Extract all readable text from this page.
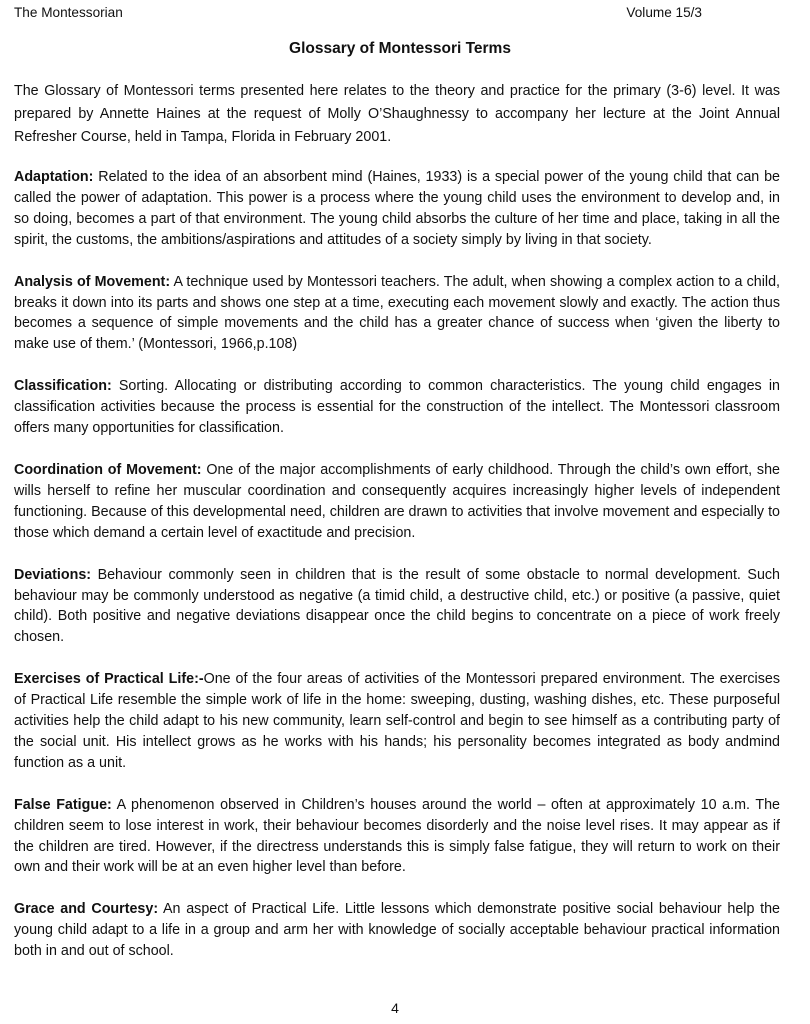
The Montessorian	Volume 15/3
Glossary of Montessori Terms

The Glossary of Montessori terms presented here relates to the theory and practice for the primary (3-6) level. It was prepared by Annette Haines at the request of Molly O’Shaughnessy to accompany her lecture at the Joint Annual Refresher Course, held in Tampa, Florida in February 2001.

Adaptation: Related to the idea of an absorbent mind (Haines, 1933) is a special power of the young child that can be called the power of adaptation. This power is a process where the young child uses the environment to develop and, in so doing, becomes a part of that environment. The young child absorbs the culture of her time and place, taking in all the spirit, the customs, the ambitions/aspirations and attitudes of a society simply by living in that society.

Analysis of Movement: A technique used by Montessori teachers. The adult, when showing a complex action to a child, breaks it down into its parts and shows one step at a time, executing each movement slowly and exactly. The action thus becomes a sequence of simple movements and the child has a greater chance of success when ‘given the liberty to make use of them.’ (Montessori, 1966,p.108)

Classification: Sorting. Allocating or distributing according to common characteristics. The young child engages in classification activities because the process is essential for the construction of the intellect. The Montessori classroom offers many opportunities for classification.

Coordination of Movement: One of the major accomplishments of early childhood. Through the child’s own effort, she wills herself to refine her muscular coordination and consequently acquires increasingly higher levels of independent functioning. Because of this developmental need, children are drawn to activities that involve movement and especially to those which demand a certain level of exactitude and precision.

Deviations: Behaviour commonly seen in children that is the result of some obstacle to normal development. Such behaviour may be commonly understood as negative (a timid child, a destructive child, etc.) or positive (a passive, quiet child). Both positive and negative deviations disappear once the child begins to concentrate on a piece of work freely chosen.

Exercises of Practical Life:-One of the four areas of activities of the Montessori prepared environment. The exercises of Practical Life resemble the simple work of life in the home: sweeping, dusting, washing dishes, etc. These purposeful activities help the child adapt to his new community, learn self-control and begin to see himself as a contributing party of the social unit. His intellect grows as he works with his hands; his personality becomes integrated as body andmind function as a unit.

False Fatigue: A phenomenon observed in Children’s houses around the world – often at approximately 10 a.m. The children seem to lose interest in work, their behaviour becomes disorderly and the noise level rises. It may appear as if the children are tired. However, if the directress understands this is simply false fatigue, they will return to work on their own and their work will be at an even higher level than before.

Grace and Courtesy: An aspect of Practical Life. Little lessons which demonstrate positive social behaviour help the young child adapt to a life in a group and arm her with knowledge of socially acceptable behaviour practical information both in and out of school.

4
